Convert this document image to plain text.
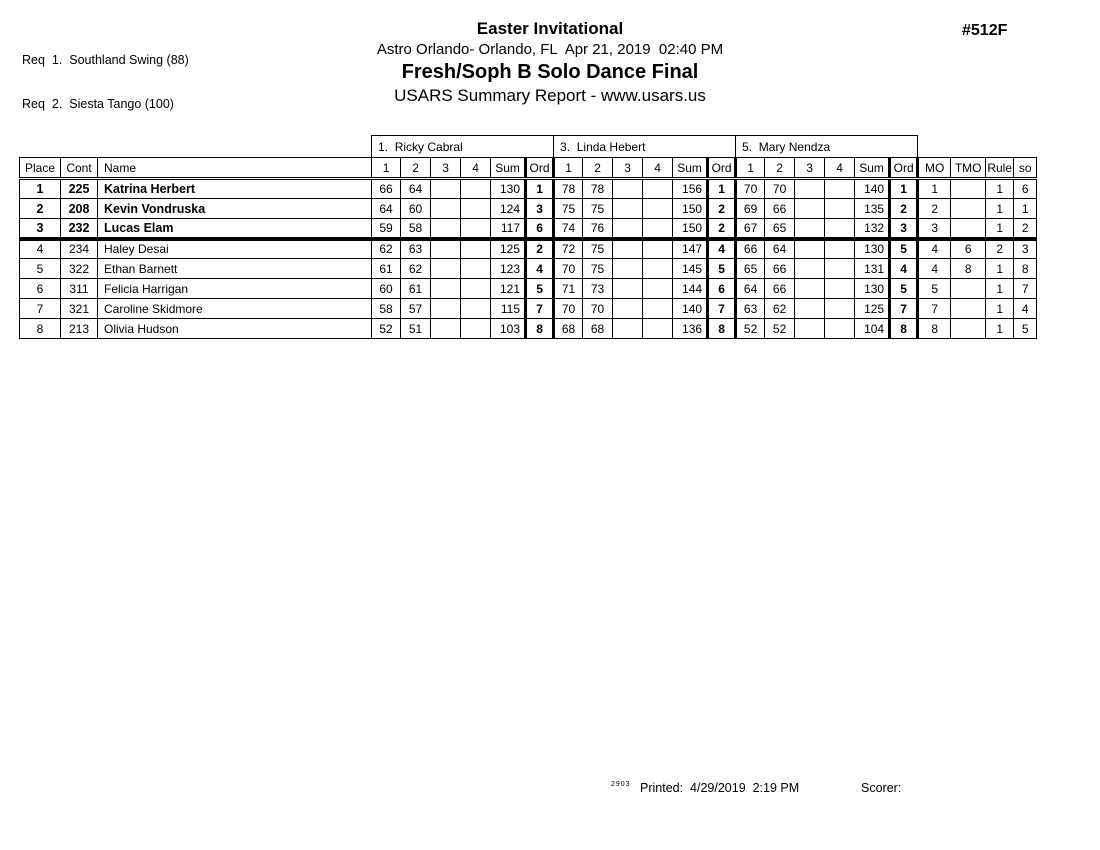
Req  1.  Southland Swing (88)

Req  2.  Siesta Tango (100)

Easter Invitational
Astro Orlando- Orlando, FL  Apr 21, 2019  02:40 PM
Fresh/Soph B Solo Dance Final
USARS Summary Report - www.usars.us
#512F
			1.  Ricky Cabral						3.  Linda Hebert						5.  Mary Nendza									
Place	Cont	Name	1	2	3	4	Sum	Ord	1	2	3	4	Sum	Ord	1	2	3	4	Sum	Ord	MO	TMO	Rule	so
1	225	Katrina Herbert	66	64			130	1	78	78			156	1	70	70			140	1	1		1	6
2	208	Kevin Vondruska	64	60			124	3	75	75			150	2	69	66			135	2	2		1	1
3	232	Lucas Elam	59	58			117	6	74	76			150	2	67	65			132	3	3		1	2
4	234	Haley Desai	62	63			125	2	72	75			147	4	66	64			130	5	4	6	2	3
5	322	Ethan Barnett	61	62			123	4	70	75			145	5	65	66			131	4	4	8	1	8
6	311	Felicia Harrigan	60	61			121	5	71	73			144	6	64	66			130	5	5		1	7
7	321	Caroline Skidmore	58	57			115	7	70	70			140	7	63	62			125	7	7		1	4
8	213	Olivia Hudson	52	51			103	8	68	68			136	8	52	52			104	8	8		1	5
2903 Printed: 4/29/2019  2:19 PM	Scorer:
